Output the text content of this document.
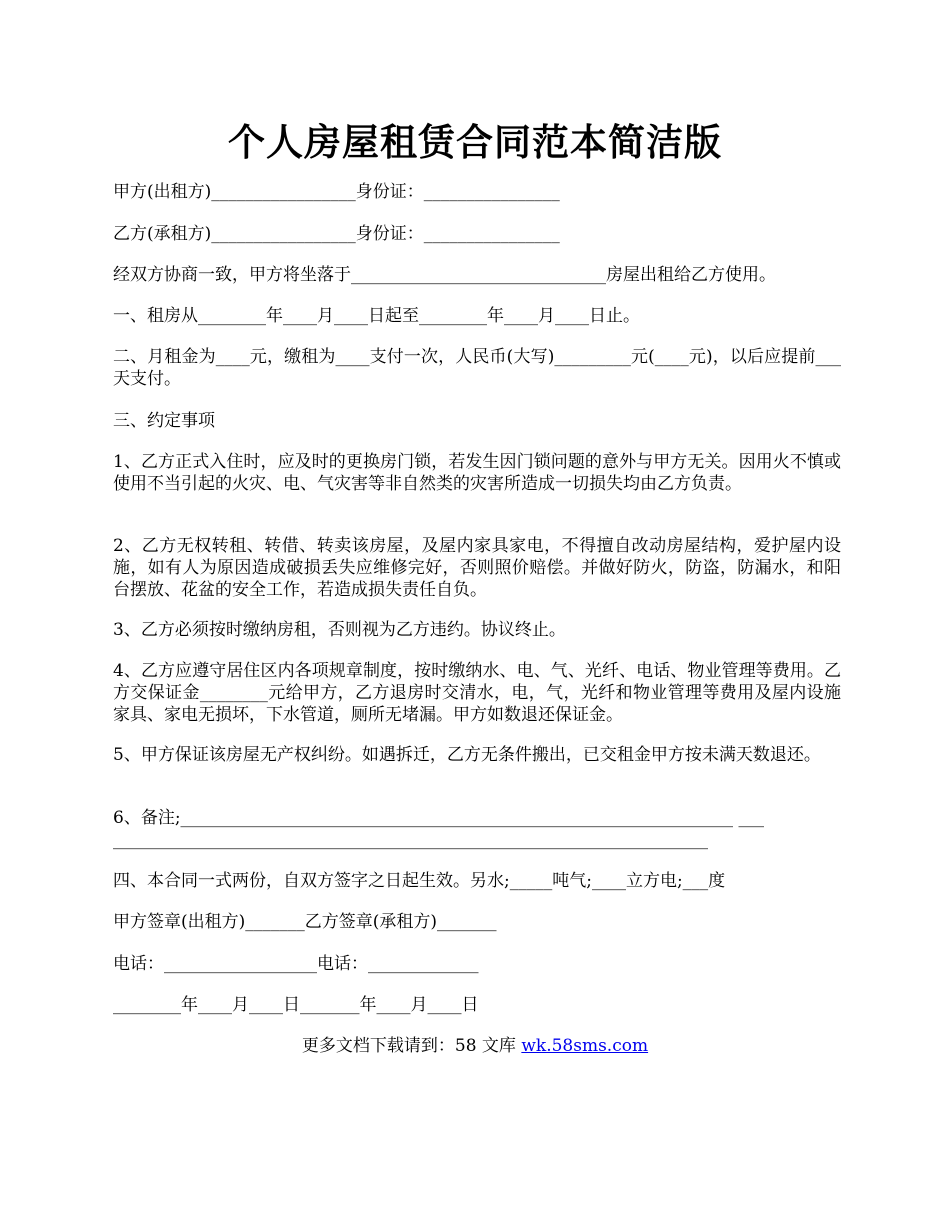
个人房屋租赁合同范本简洁版

甲方(出租方)_________________身份证：________________

乙方(承租方)_________________身份证：________________

经双方协商一致，甲方将坐落于______________________________房屋出租给乙方使用。

一、租房从________年____月____日起至________年____月____日止。

二、月租金为____元，缴租为____支付一次，人民币(大写)_________元(____元)，以后应提前___天支付。

三、约定事项

1、乙方正式入住时，应及时的更换房门锁，若发生因门锁问题的意外与甲方无关。因用火不慎或使用不当引起的火灾、电、气灾害等非自然类的灾害所造成一切损失均由乙方负责。

2、乙方无权转租、转借、转卖该房屋，及屋内家具家电，不得擅自改动房屋结构，爱护屋内设施，如有人为原因造成破损丢失应维修完好，否则照价赔偿。并做好防火，防盗，防漏水，和阳台摆放、花盆的安全工作，若造成损失责任自负。

3、乙方必须按时缴纳房租，否则视为乙方违约。协议终止。

4、乙方应遵守居住区内各项规章制度，按时缴纳水、电、气、光纤、电话、物业管理等费用。乙方交保证金________元给甲方，乙方退房时交清水，电，气，光纤和物业管理等费用及屋内设施家具、家电无损坏，下水管道，厕所无堵漏。甲方如数退还保证金。

5、甲方保证该房屋无产权纠纷。如遇拆迁，乙方无条件搬出，已交租金甲方按未满天数退还。

6、备注;_________________________________________________________________ ___

______________________________________________________________________

四、本合同一式两份，自双方签字之日起生效。另水;_____吨气;____立方电;___度

甲方签章(出租方)_______乙方签章(承租方)_______

电话：__________________电话：_____________

________年____月____日_______年____月____日

更多文档下载请到：58 文库 wk.58sms.com
